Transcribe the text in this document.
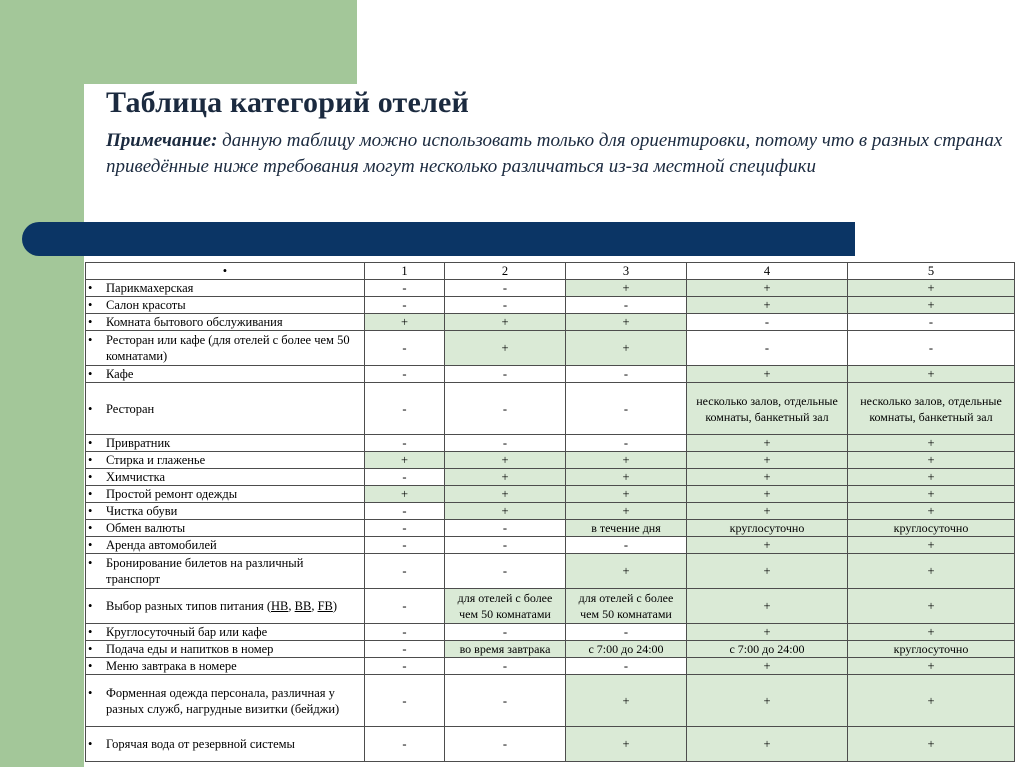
Таблица категорий отелей

Примечание: данную таблицу можно использовать только для ориентировки, потому что в разных странах приведённые ниже требования могут несколько различаться из-за местной специфики

•	1	2	3	4	5
• Парикмахерская	-	-	+	+	+
• Салон красоты	-	-	-	+	+
• Комната бытового обслуживания	+	+	+	-	-
• Ресторан или кафе (для отелей с более чем 50 комнатами)	-	+	+	-	-
• Кафе	-	-	-	+	+
• Ресторан	-	-	-	несколько залов, отдельные комнаты, банкетный зал	несколько залов, отдельные комнаты, банкетный зал
• Привратник	-	-	-	+	+
• Стирка и глаженье	+	+	+	+	+
• Химчистка	-	+	+	+	+
• Простой ремонт одежды	+	+	+	+	+
• Чистка обуви	-	+	+	+	+
• Обмен валюты	-	-	в течение дня	круглосуточно	круглосуточно
• Аренда автомобилей	-	-	-	+	+
• Бронирование билетов на различный транспорт	-	-	+	+	+
• Выбор разных типов питания (HB, BB, FB)	-	для отелей с более чем 50 комнатами	для отелей с более чем 50 комнатами	+	+
• Круглосуточный бар или кафе	-	-	-	+	+
• Подача еды и напитков в номер	-	во время завтрака	с 7:00 до 24:00	с 7:00 до 24:00	круглосуточно
• Меню завтрака в номере	-	-	-	+	+
• Форменная одежда персонала, различная у разных служб, нагрудные визитки (бейджи)	-	-	+	+	+
• Горячая вода от резервной системы	-	-	+	+	+
